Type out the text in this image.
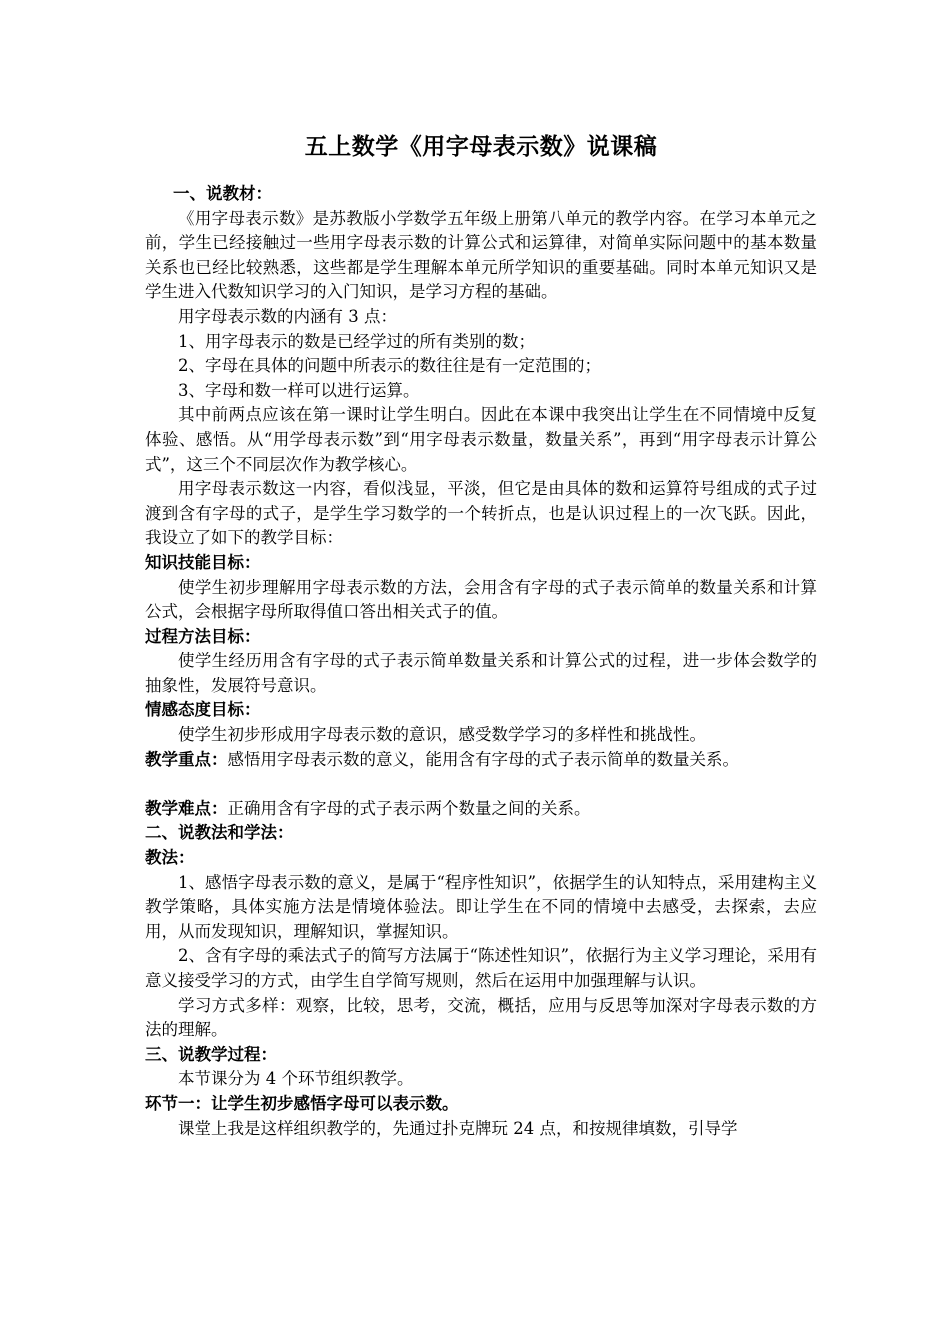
五上数学《用字母表示数》说课稿

一、说教材：

《用字母表示数》是苏教版小学数学五年级上册第八单元的教学内容。在学习本单元之前，学生已经接触过一些用字母表示数的计算公式和运算律，对简单实际问题中的基本数量关系也已经比较熟悉，这些都是学生理解本单元所学知识的重要基础。同时本单元知识又是学生进入代数知识学习的入门知识，是学习方程的基础。

用字母表示数的内涵有 3 点：

1、用字母表示的数是已经学过的所有类别的数；

2、字母在具体的问题中所表示的数往往是有一定范围的；

3、字母和数一样可以进行运算。

其中前两点应该在第一课时让学生明白。因此在本课中我突出让学生在不同情境中反复体验、感悟。从“用学母表示数”到“用字母表示数量，数量关系”，再到“用字母表示计算公式”，这三个不同层次作为教学核心。

用字母表示数这一内容，看似浅显，平淡，但它是由具体的数和运算符号组成的式子过渡到含有字母的式子，是学生学习数学的一个转折点，也是认识过程上的一次飞跃。因此，我设立了如下的教学目标：

知识技能目标：

使学生初步理解用字母表示数的方法，会用含有字母的式子表示简单的数量关系和计算公式，会根据字母所取得值口答出相关式子的值。

过程方法目标：

使学生经历用含有字母的式子表示简单数量关系和计算公式的过程，进一步体会数学的抽象性，发展符号意识。

情感态度目标：

使学生初步形成用字母表示数的意识，感受数学学习的多样性和挑战性。

教学重点：感悟用字母表示数的意义，能用含有字母的式子表示简单的数量关系。

教学难点：正确用含有字母的式子表示两个数量之间的关系。

二、说教法和学法：

教法：

1、感悟字母表示数的意义，是属于“程序性知识”，依据学生的认知特点，采用建构主义教学策略，具体实施方法是情境体验法。即让学生在不同的情境中去感受，去探索，去应用，从而发现知识，理解知识，掌握知识。

2、含有字母的乘法式子的简写方法属于“陈述性知识”，依据行为主义学习理论，采用有意义接受学习的方式，由学生自学简写规则，然后在运用中加强理解与认识。

学习方式多样：观察，比较，思考，交流，概括，应用与反思等加深对字母表示数的方法的理解。

三、说教学过程：

本节课分为 4 个环节组织教学。

环节一：让学生初步感悟字母可以表示数。

课堂上我是这样组织教学的，先通过扑克牌玩 24 点，和按规律填数，引导学
